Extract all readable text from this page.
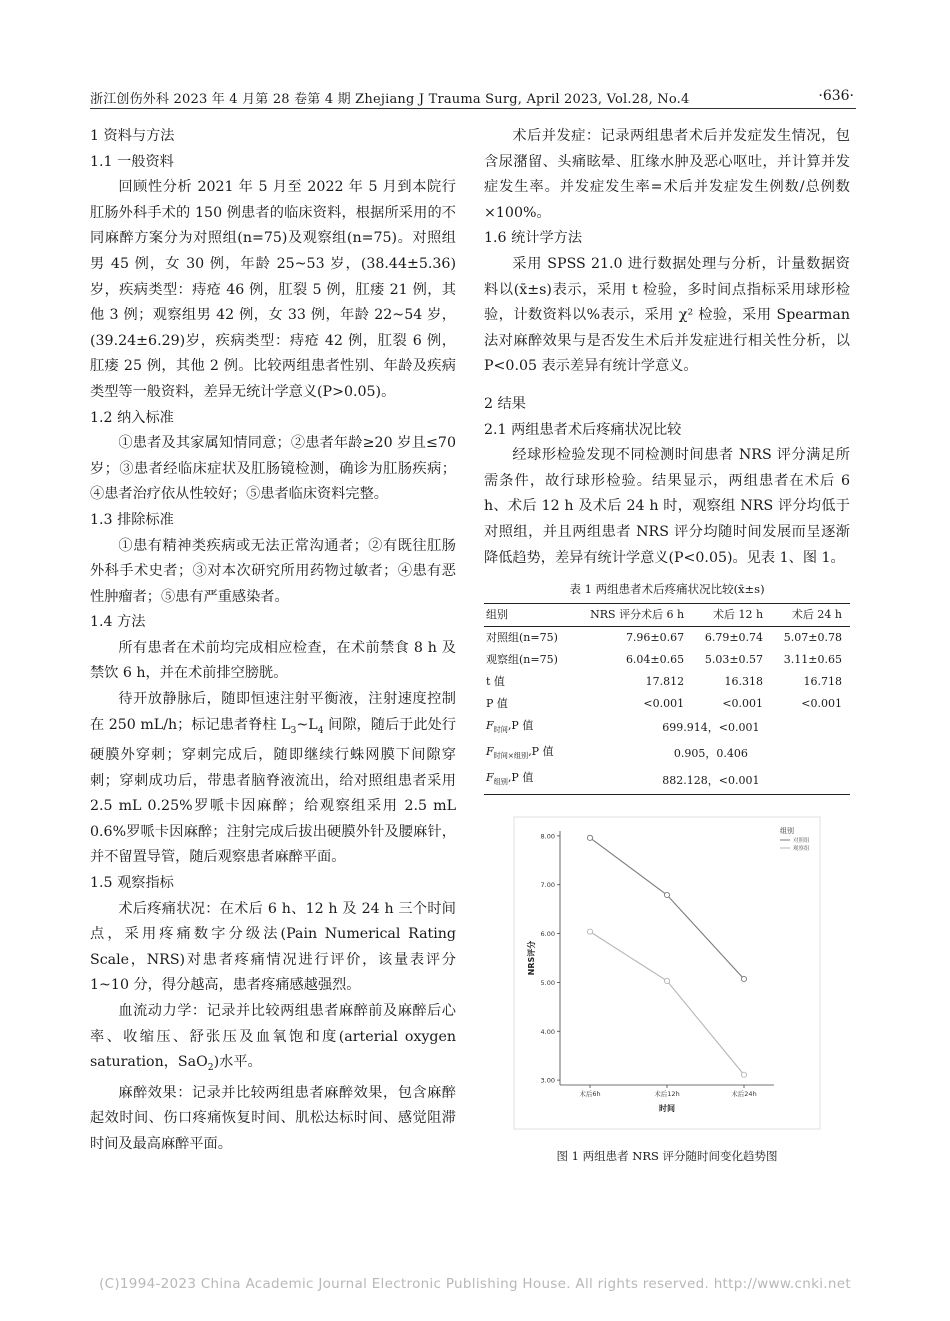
浙江创伤外科 2023 年 4 月第 28 卷第 4 期 Zhejiang J Trauma Surg, April 2023, Vol.28, No.4	·636·

1 资料与方法

1.1 一般资料

回顾性分析 2021 年 5 月至 2022 年 5 月到本院行肛肠外科手术的 150 例患者的临床资料，根据所采用的不同麻醉方案分为对照组(n=75)及观察组(n=75)。对照组男 45 例，女 30 例，年龄 25~53 岁，(38.44±5.36)岁，疾病类型：痔疮 46 例，肛裂 5 例，肛瘘 21 例，其他 3 例；观察组男 42 例，女 33 例，年龄 22~54 岁，(39.24±6.29)岁，疾病类型：痔疮 42 例，肛裂 6 例，肛瘘 25 例，其他 2 例。比较两组患者性别、年龄及疾病类型等一般资料，差异无统计学意义(P>0.05)。

1.2 纳入标准

①患者及其家属知情同意；②患者年龄≥20 岁且≤70 岁；③患者经临床症状及肛肠镜检测，确诊为肛肠疾病；④患者治疗依从性较好；⑤患者临床资料完整。

1.3 排除标准

①患有精神类疾病或无法正常沟通者；②有既往肛肠外科手术史者；③对本次研究所用药物过敏者；④患有恶性肿瘤者；⑤患有严重感染者。

1.4 方法

所有患者在术前均完成相应检查，在术前禁食 8 h 及禁饮 6 h，并在术前排空膀胱。

待开放静脉后，随即恒速注射平衡液，注射速度控制在 250 mL/h；标记患者脊柱 $L_3\sim L_4$ 间隙，随后于此处行硬膜外穿刺；穿刺完成后，随即继续行蛛网膜下间隙穿刺；穿刺成功后，带患者脑脊液流出，给对照组患者采用 2.5 mL 0.25%罗哌卡因麻醉；给观察组采用 2.5 mL 0.6%罗哌卡因麻醉；注射完成后拔出硬膜外针及腰麻针，并不留置导管，随后观察患者麻醉平面。

1.5 观察指标

术后疼痛状况：在术后 6 h、12 h 及 24 h 三个时间点，采用疼痛数字分级法(Pain Numerical Rating Scale，NRS)对患者疼痛情况进行评价，该量表评分 1~10 分，得分越高，患者疼痛感越强烈。

血流动力学：记录并比较两组患者麻醉前及麻醉后心率、收缩压、舒张压及血氧饱和度(arterial oxygen saturation，SaO$_2$)水平。

麻醉效果：记录并比较两组患者麻醉效果，包含麻醉起效时间、伤口疼痛恢复时间、肌松达标时间、感觉阻滞时间及最高麻醉平面。

术后并发症：记录两组患者术后并发症发生情况，包含尿潴留、头痛眩晕、肛缘水肿及恶心呕吐，并计算并发症发生率。并发症发生率=术后并发症发生例数/总例数×100%。

1.6 统计学方法

采用 SPSS 21.0 进行数据处理与分析，计量数据资料以(x̄±s)表示，采用 t 检验，多时间点指标采用球形检验，计数资料以%表示，采用 χ² 检验，采用 Spearman 法对麻醉效果与是否发生术后并发症进行相关性分析，以 P<0.05 表示差异有统计学意义。

2 结果

2.1 两组患者术后疼痛状况比较

经球形检验发现不同检测时间患者 NRS 评分满足所需条件，故行球形检验。结果显示，两组患者在术后 6 h、术后 12 h 及术后 24 h 时，观察组 NRS 评分均低于对照组，并且两组患者 NRS 评分均随时间发展而呈逐渐降低趋势，差异有统计学意义(P<0.05)。见表 1、图 1。

表 1 两组患者术后疼痛状况比较(x̄±s)
组别	NRS 评分术后 6 h	术后 12 h	术后 24 h
对照组(n=75)	7.96±0.67	6.79±0.74	5.07±0.78
观察组(n=75)	6.04±0.65	5.03±0.57	3.11±0.65
t 值	17.812	16.318	16.718
P 值	<0.001	<0.001	<0.001
$F_{时间},P$ 值	699.914，<0.001		
$F_{时间\times 组别},P$ 值	0.905，0.406		
$F_{组别},P$ 值	882.128，<0.001		
3.00
4.00
5.00
6.00
7.00
8.00
术后6h	术后12h	术后24h
时间
NRS评分
组别
对照组
观察组
图 1 两组患者 NRS 评分随时间变化趋势图
(C)1994-2023 China Academic Journal Electronic Publishing House. All rights reserved. http://www.cnki.net
